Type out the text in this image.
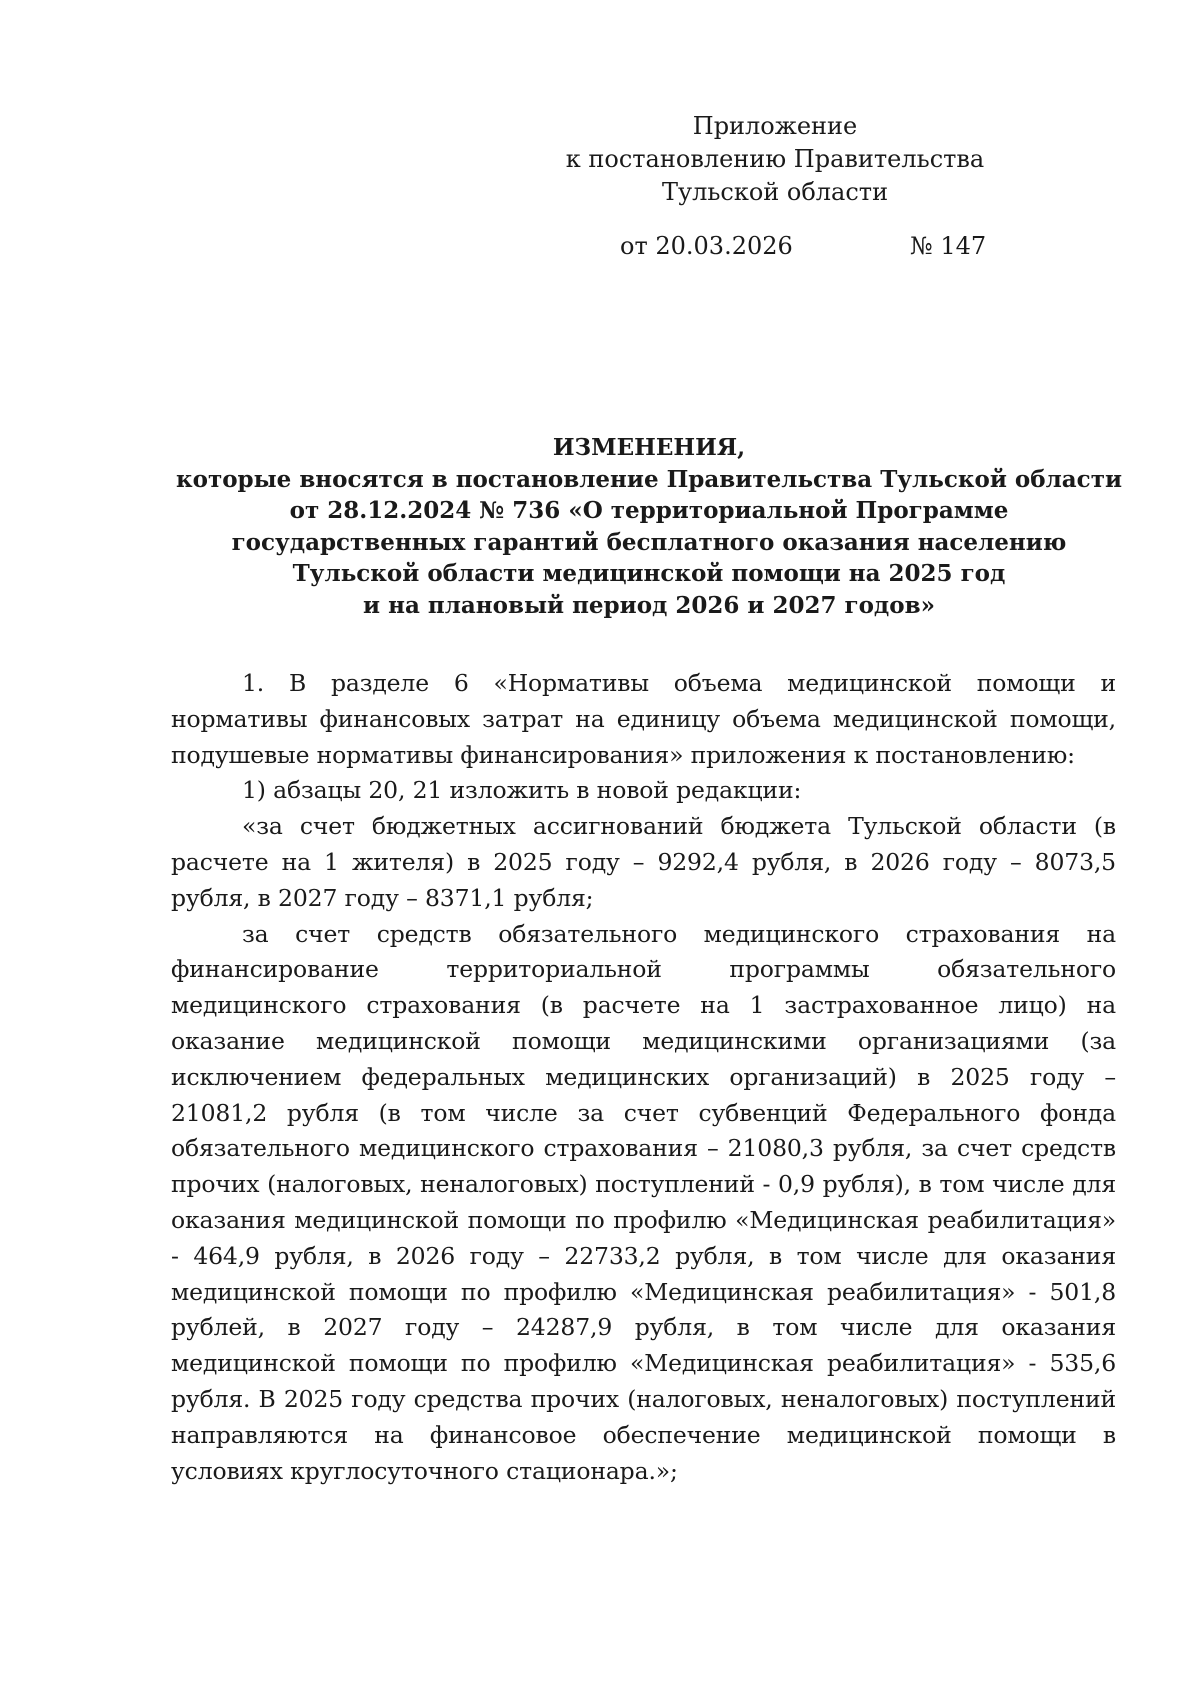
Приложение
к постановлению Правительства
Тульской области
от 20.03.2026	№ 147
ИЗМЕНЕНИЯ,
которые вносятся в постановление Правительства Тульской области
от 28.12.2024 № 736 «О территориальной Программе
государственных гарантий бесплатного оказания населению
Тульской области медицинской помощи на 2025 год
и на плановый период 2026 и 2027 годов»

1. В разделе 6 «Нормативы объема медицинской помощи и нормативы финансовых затрат на единицу объема медицинской помощи, подушевые нормативы финансирования» приложения к постановлению:

1) абзацы 20, 21 изложить в новой редакции:

«за счет бюджетных ассигнований бюджета Тульской области (в расчете на 1 жителя) в 2025 году – 9292,4 рубля, в 2026 году – 8073,5 рубля, в 2027 году – 8371,1 рубля;

за счет средств обязательного медицинского страхования на финансирование территориальной программы обязательного медицинского страхования (в расчете на 1 застрахованное лицо) на оказание медицинской помощи медицинскими организациями (за исключением федеральных медицинских организаций) в 2025 году – 21081,2 рубля (в том числе за счет субвенций Федерального фонда обязательного медицинского страхования – 21080,3 рубля, за счет средств прочих (налоговых, неналоговых) поступлений - 0,9 рубля), в том числе для оказания медицинской помощи по профилю «Медицинская реабилитация» - 464,9 рубля, в 2026 году – 22733,2 рубля, в том числе для оказания медицинской помощи по профилю «Медицинская реабилитация» - 501,8 рублей, в 2027 году – 24287,9 рубля, в том числе для оказания медицинской помощи по профилю «Медицинская реабилитация» - 535,6 рубля. В 2025 году средства прочих (налоговых, неналоговых) поступлений направляются на финансовое обеспечение медицинской помощи в условиях круглосуточного стационара.»;
